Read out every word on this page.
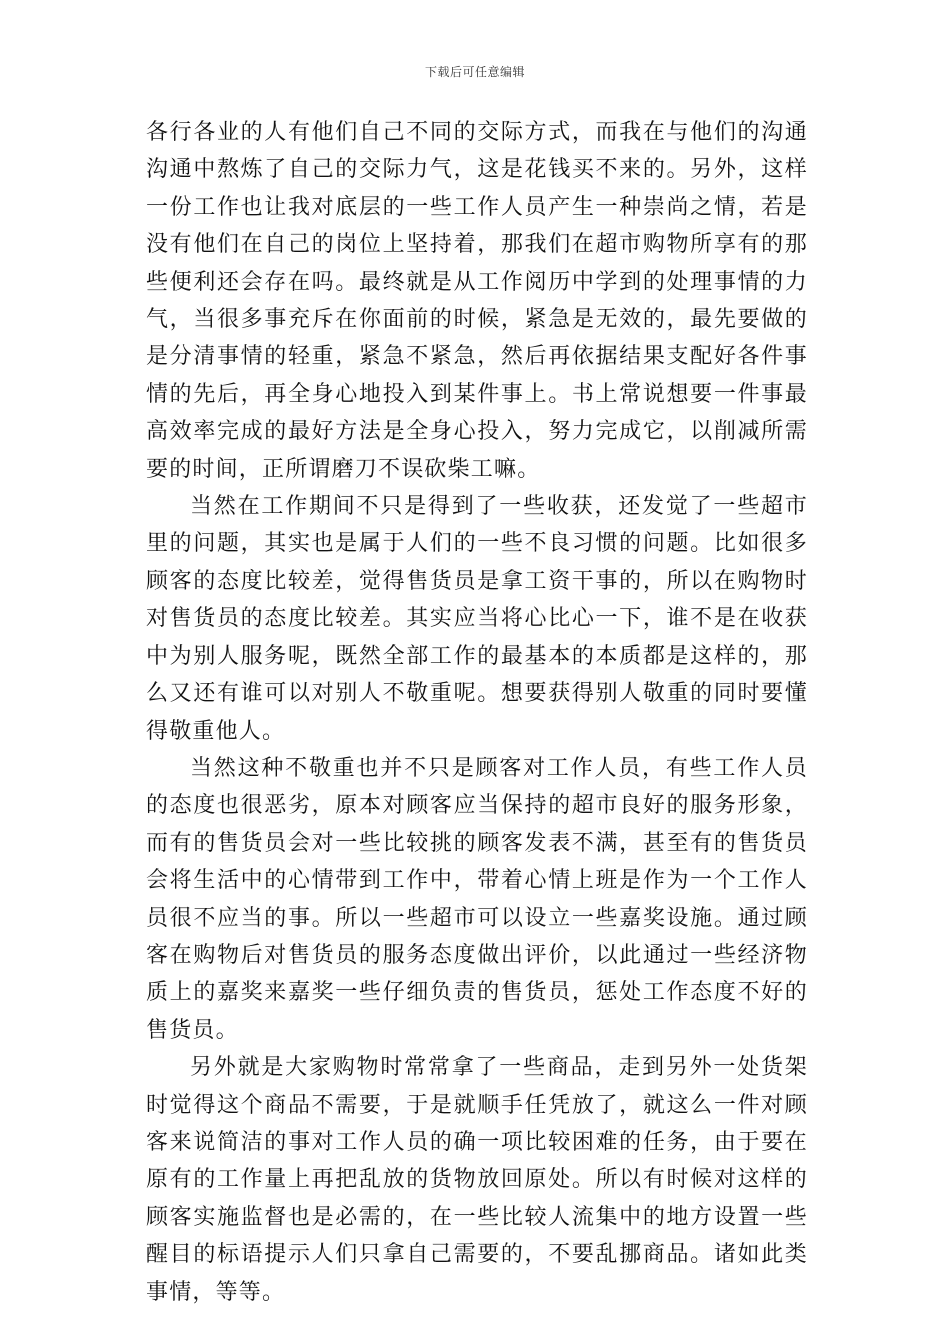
下载后可任意编辑

各行各业的人有他们自己不同的交际方式，而我在与他们的沟通沟通中熬炼了自己的交际力气，这是花钱买不来的。另外，这样一份工作也让我对底层的一些工作人员产生一种崇尚之情，若是没有他们在自己的岗位上坚持着，那我们在超市购物所享有的那些便利还会存在吗。最终就是从工作阅历中学到的处理事情的力气，当很多事充斥在你面前的时候，紧急是无效的，最先要做的是分清事情的轻重，紧急不紧急，然后再依据结果支配好各件事情的先后，再全身心地投入到某件事上。书上常说想要一件事最高效率完成的最好方法是全身心投入，努力完成它，以削减所需要的时间，正所谓磨刀不误砍柴工嘛。

当然在工作期间不只是得到了一些收获，还发觉了一些超市里的问题，其实也是属于人们的一些不良习惯的问题。比如很多顾客的态度比较差，觉得售货员是拿工资干事的，所以在购物时对售货员的态度比较差。其实应当将心比心一下，谁不是在收获中为别人服务呢，既然全部工作的最基本的本质都是这样的，那么又还有谁可以对别人不敬重呢。想要获得别人敬重的同时要懂得敬重他人。

当然这种不敬重也并不只是顾客对工作人员，有些工作人员的态度也很恶劣，原本对顾客应当保持的超市良好的服务形象，而有的售货员会对一些比较挑的顾客发表不满，甚至有的售货员会将生活中的心情带到工作中，带着心情上班是作为一个工作人员很不应当的事。所以一些超市可以设立一些嘉奖设施。通过顾客在购物后对售货员的服务态度做出评价，以此通过一些经济物质上的嘉奖来嘉奖一些仔细负责的售货员，惩处工作态度不好的售货员。

另外就是大家购物时常常拿了一些商品，走到另外一处货架时觉得这个商品不需要，于是就顺手任凭放了，就这么一件对顾客来说简洁的事对工作人员的确一项比较困难的任务，由于要在原有的工作量上再把乱放的货物放回原处。所以有时候对这样的顾客实施监督也是必需的，在一些比较人流集中的地方设置一些醒目的标语提示人们只拿自己需要的，不要乱挪商品。诸如此类事情，等等。
